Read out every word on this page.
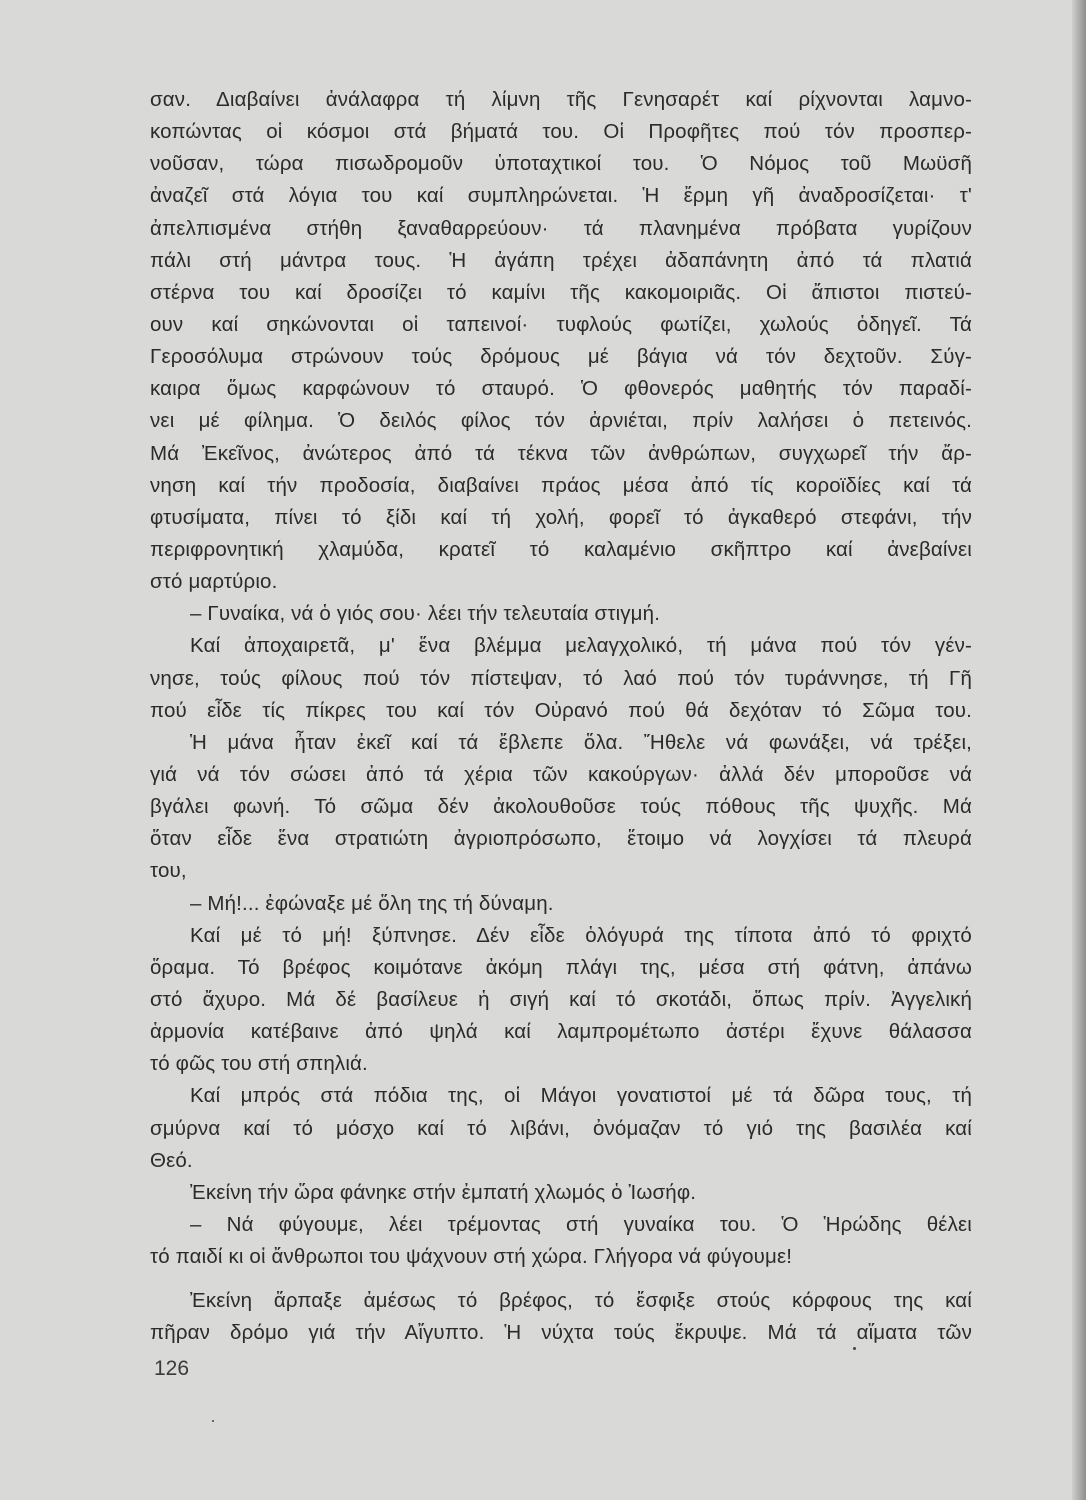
σαν. Διαβαίνει ἀνάλαφρα τή λίμνη τῆς Γενησαρέτ καί ρίχνονται λαμνο-
κοπώντας οἱ κόσμοι στά βήματά του. Οἱ Προφῆτες πού τόν προσπερ-
νοῦσαν, τώρα πισωδρομοῦν ὑποταχτικοί του. Ὁ Νόμος τοῦ Μωϋσῆ
ἀναζεῖ στά λόγια του καί συμπληρώνεται. Ἡ ἔρμη γῆ ἀναδροσίζεται· τ'
ἀπελπισμένα στήθη ξαναθαρρεύουν· τά πλανημένα πρόβατα γυρίζουν
πάλι στή μάντρα τους. Ἡ ἀγάπη τρέχει ἀδαπάνητη ἀπό τά πλατιά
στέρνα του καί δροσίζει τό καμίνι τῆς κακομοιριᾶς. Οἱ ἄπιστοι πιστεύ-
ουν καί σηκώνονται οἱ ταπεινοί· τυφλούς φωτίζει, χωλούς ὁδηγεῖ. Τά
Γεροσόλυμα στρώνουν τούς δρόμους μέ βάγια νά τόν δεχτοῦν. Σύγ-
καιρα ὅμως καρφώνουν τό σταυρό. Ὁ φθονερός μαθητής τόν παραδί-
νει μέ φίλημα. Ὁ δειλός φίλος τόν ἀρνιέται, πρίν λαλήσει ὁ πετεινός.
Μά Ἐκεῖνος, ἀνώτερος ἀπό τά τέκνα τῶν ἀνθρώπων, συγχωρεῖ τήν ἄρ-
νηση καί τήν προδοσία, διαβαίνει πράος μέσα ἀπό τίς κοροϊδίες καί τά
φτυσίματα, πίνει τό ξίδι καί τή χολή, φορεῖ τό ἀγκαθερό στεφάνι, τήν
περιφρονητική χλαμύδα, κρατεῖ τό καλαμένιο σκῆπτρο καί ἀνεβαίνει
στό μαρτύριο.
– Γυναίκα, νά ὁ γιός σου· λέει τήν τελευταία στιγμή.
Καί ἀποχαιρετᾶ, μ' ἕνα βλέμμα μελαγχολικό, τή μάνα πού τόν γέν-
νησε, τούς φίλους πού τόν πίστεψαν, τό λαό πού τόν τυράννησε, τή Γῆ
πού εἶδε τίς πίκρες του καί τόν Οὐρανό πού θά δεχόταν τό Σῶμα του.
Ἡ μάνα ἦταν ἐκεῖ καί τά ἔβλεπε ὅλα. Ἤθελε νά φωνάξει, νά τρέξει,
γιά νά τόν σώσει ἀπό τά χέρια τῶν κακούργων· ἀλλά δέν μποροῦσε νά
βγάλει φωνή. Τό σῶμα δέν ἀκολουθοῦσε τούς πόθους τῆς ψυχῆς. Μά
ὅταν εἶδε ἕνα στρατιώτη ἀγριοπρόσωπο, ἕτοιμο νά λογχίσει τά πλευρά
του,
– Μή!... ἐφώναξε μέ ὅλη της τή δύναμη.
Καί μέ τό μή! ξύπνησε. Δέν εἶδε ὁλόγυρά της τίποτα ἀπό τό φριχτό
ὅραμα. Τό βρέφος κοιμότανε ἀκόμη πλάγι της, μέσα στή φάτνη, ἀπάνω
στό ἄχυρο. Μά δέ βασίλευε ἡ σιγή καί τό σκοτάδι, ὅπως πρίν. Ἀγγελική
ἁρμονία κατέβαινε ἀπό ψηλά καί λαμπρομέτωπο ἀστέρι ἔχυνε θάλασσα
τό φῶς του στή σπηλιά.
Καί μπρός στά πόδια της, οἱ Μάγοι γονατιστοί μέ τά δῶρα τους, τή
σμύρνα καί τό μόσχο καί τό λιβάνι, ὀνόμαζαν τό γιό της βασιλέα καί
Θεό.
Ἐκείνη τήν ὥρα φάνηκε στήν ἐμπατή χλωμός ὁ Ἰωσήφ.
– Νά φύγουμε, λέει τρέμοντας στή γυναίκα του. Ὁ Ἡρώδης θέλει
τό παιδί κι οἱ ἄνθρωποι του ψάχνουν στή χώρα. Γλήγορα νά φύγουμε!
Ἐκείνη ἅρπαξε ἀμέσως τό βρέφος, τό ἔσφιξε στούς κόρφους της καί
πῆραν δρόμο γιά τήν Αἴγυπτο. Ἡ νύχτα τούς ἔκρυψε. Μά τά αἵματα τῶν
126
